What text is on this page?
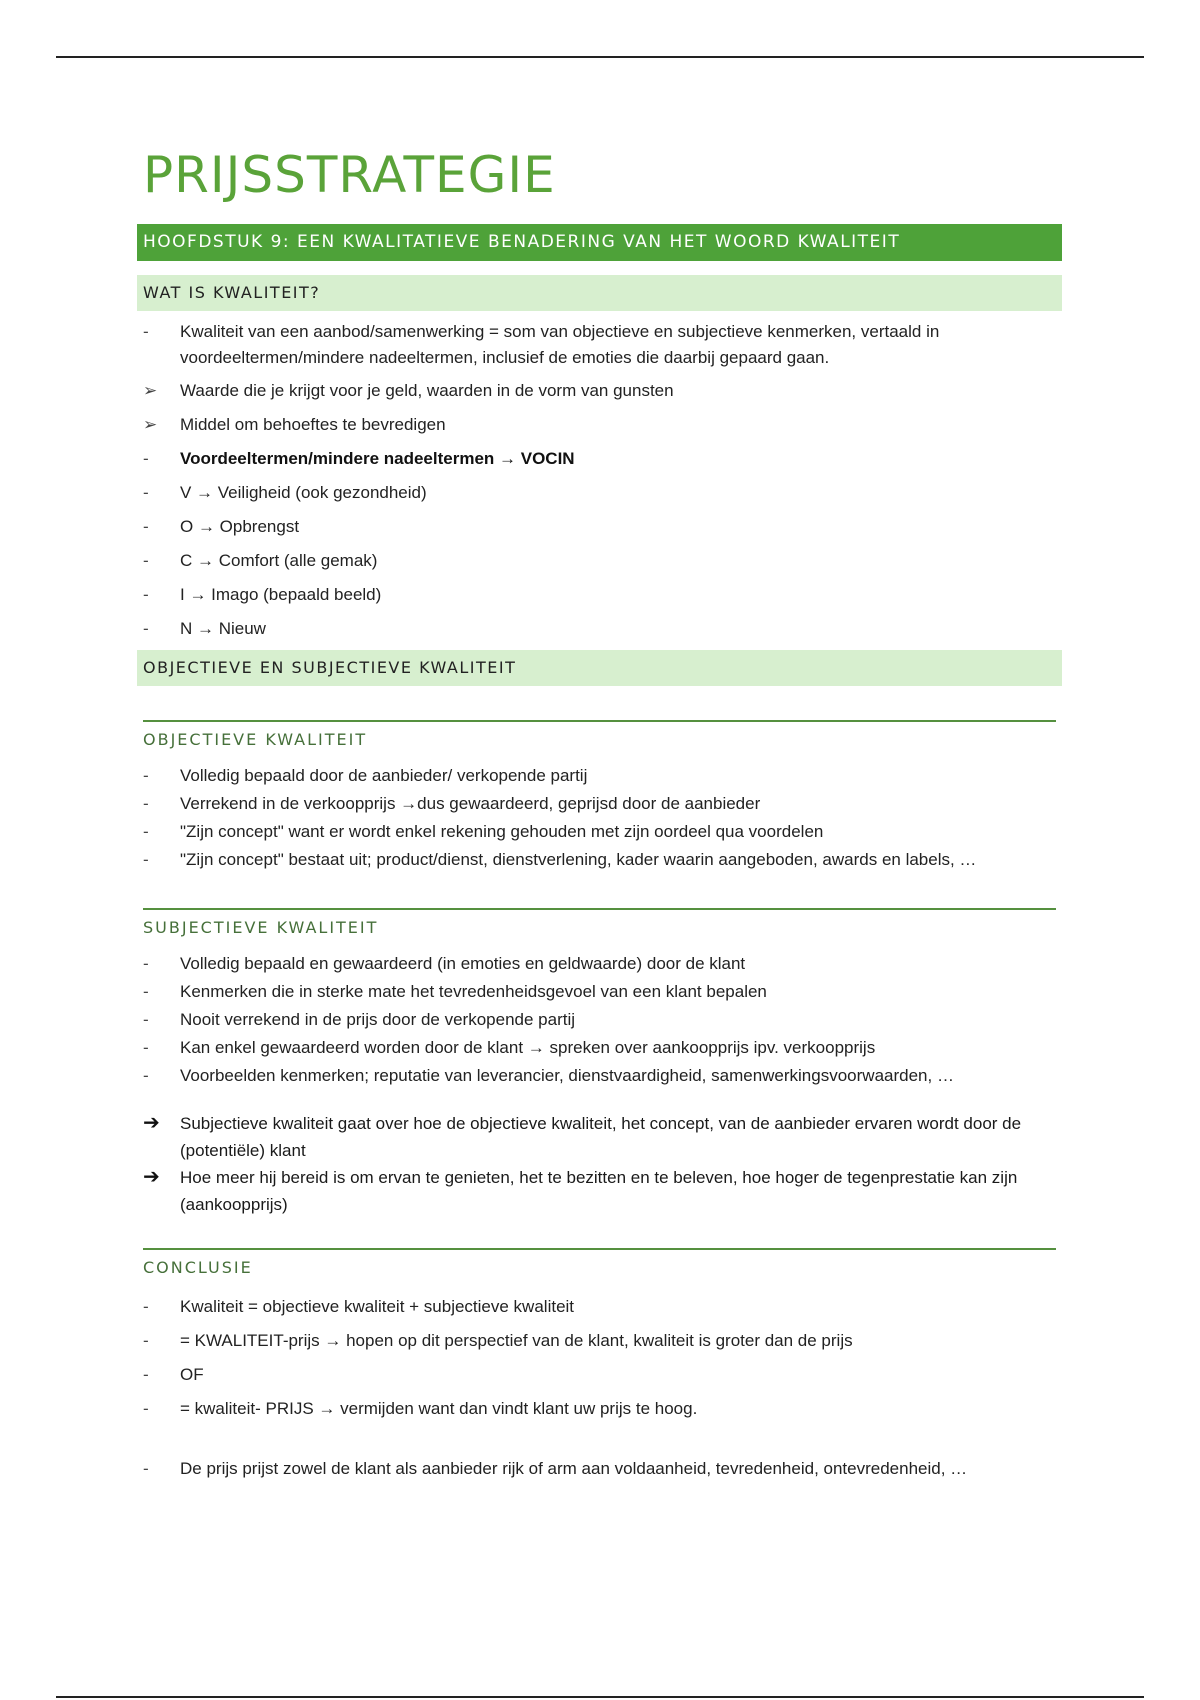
PRIJSSTRATEGIE
HOOFDSTUK 9: EEN KWALITATIEVE BENADERING VAN HET WOORD KWALITEIT
WAT IS KWALITEIT?
-	Kwaliteit van een aanbod/samenwerking = som van objectieve en subjectieve kenmerken, vertaald in voordeeltermen/mindere nadeeltermen, inclusief de emoties die daarbij gepaard gaan.
➢	Waarde die je krijgt voor je geld, waarden in de vorm van gunsten
➢	Middel om behoeftes te bevredigen
-	Voordeeltermen/mindere nadeeltermen → VOCIN
-	V → Veiligheid (ook gezondheid)
-	O → Opbrengst
-	C → Comfort (alle gemak)
-	I → Imago (bepaald beeld)
-	N → Nieuw
OBJECTIEVE EN SUBJECTIEVE KWALITEIT
OBJECTIEVE KWALITEIT
-	Volledig bepaald door de aanbieder/ verkopende partij
-	Verrekend in de verkoopprijs →dus gewaardeerd, geprijsd door de aanbieder
-	"Zijn concept" want er wordt enkel rekening gehouden met zijn oordeel qua voordelen
-	"Zijn concept" bestaat uit; product/dienst, dienstverlening, kader waarin aangeboden, awards en labels, …
SUBJECTIEVE KWALITEIT
-	Volledig bepaald en gewaardeerd (in emoties en geldwaarde) door de klant
-	Kenmerken die in sterke mate het tevredenheidsgevoel van een klant bepalen
-	Nooit verrekend in de prijs door de verkopende partij
-	Kan enkel gewaardeerd worden door de klant → spreken over aankoopprijs ipv. verkoopprijs
-	Voorbeelden kenmerken; reputatie van leverancier, dienstvaardigheid, samenwerkingsvoorwaarden, …
➔	Subjectieve kwaliteit gaat over hoe de objectieve kwaliteit, het concept, van de aanbieder ervaren wordt door de (potentiële) klant
➔	Hoe meer hij bereid is om ervan te genieten, het te bezitten en te beleven, hoe hoger de tegenprestatie kan zijn (aankoopprijs)
CONCLUSIE
-	Kwaliteit = objectieve kwaliteit + subjectieve kwaliteit
-	= KWALITEIT-prijs → hopen op dit perspectief van de klant, kwaliteit is groter dan de prijs
-	OF
-	= kwaliteit- PRIJS → vermijden want dan vindt klant uw prijs te hoog.
-	De prijs prijst zowel de klant als aanbieder rijk of arm aan voldaanheid, tevredenheid, ontevredenheid, …
